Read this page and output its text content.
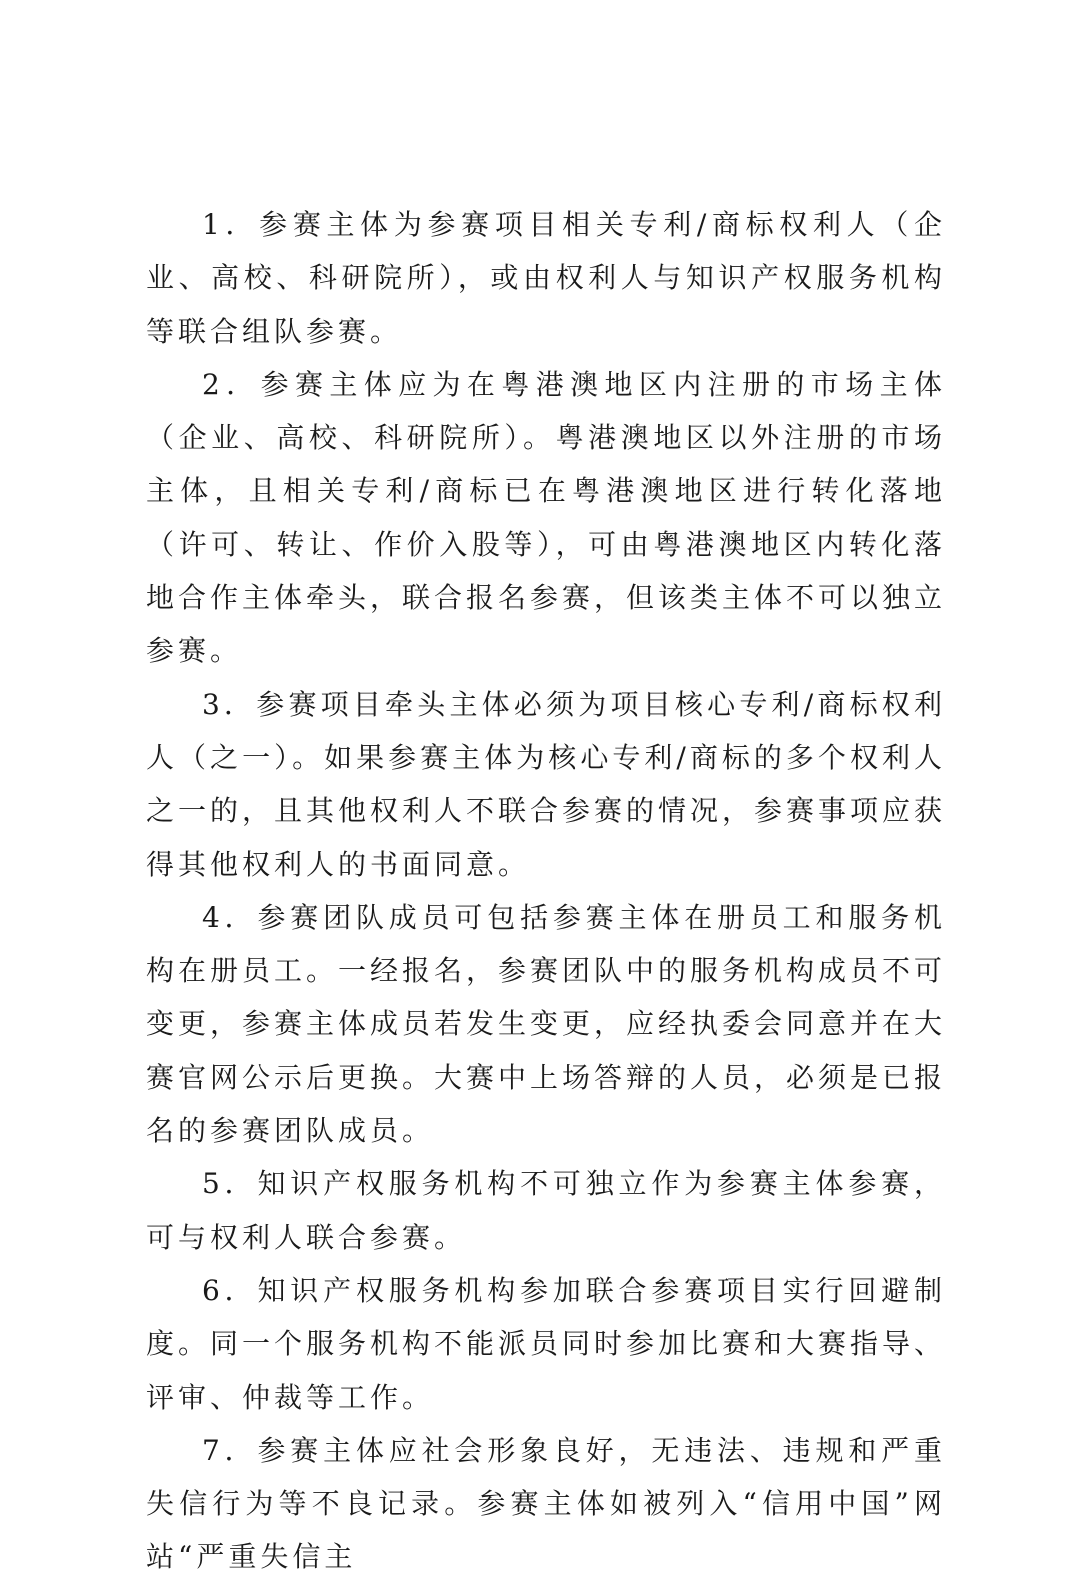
1．参赛主体为参赛项目相关专利/商标权利人（企业、高校、科研院所），或由权利人与知识产权服务机构等联合组队参赛。

2．参赛主体应为在粤港澳地区内注册的市场主体（企业、高校、科研院所）。粤港澳地区以外注册的市场主体，且相关专利/商标已在粤港澳地区进行转化落地（许可、转让、作价入股等），可由粤港澳地区内转化落地合作主体牵头，联合报名参赛，但该类主体不可以独立参赛。

3．参赛项目牵头主体必须为项目核心专利/商标权利人（之一）。如果参赛主体为核心专利/商标的多个权利人之一的，且其他权利人不联合参赛的情况，参赛事项应获得其他权利人的书面同意。

4．参赛团队成员可包括参赛主体在册员工和服务机构在册员工。一经报名，参赛团队中的服务机构成员不可变更，参赛主体成员若发生变更，应经执委会同意并在大赛官网公示后更换。大赛中上场答辩的人员，必须是已报名的参赛团队成员。

5．知识产权服务机构不可独立作为参赛主体参赛，可与权利人联合参赛。

6．知识产权服务机构参加联合参赛项目实行回避制度。同一个服务机构不能派员同时参加比赛和大赛指导、评审、仲裁等工作。

7．参赛主体应社会形象良好，无违法、违规和严重失信行为等不良记录。参赛主体如被列入“信用中国”网站“严重失信主
